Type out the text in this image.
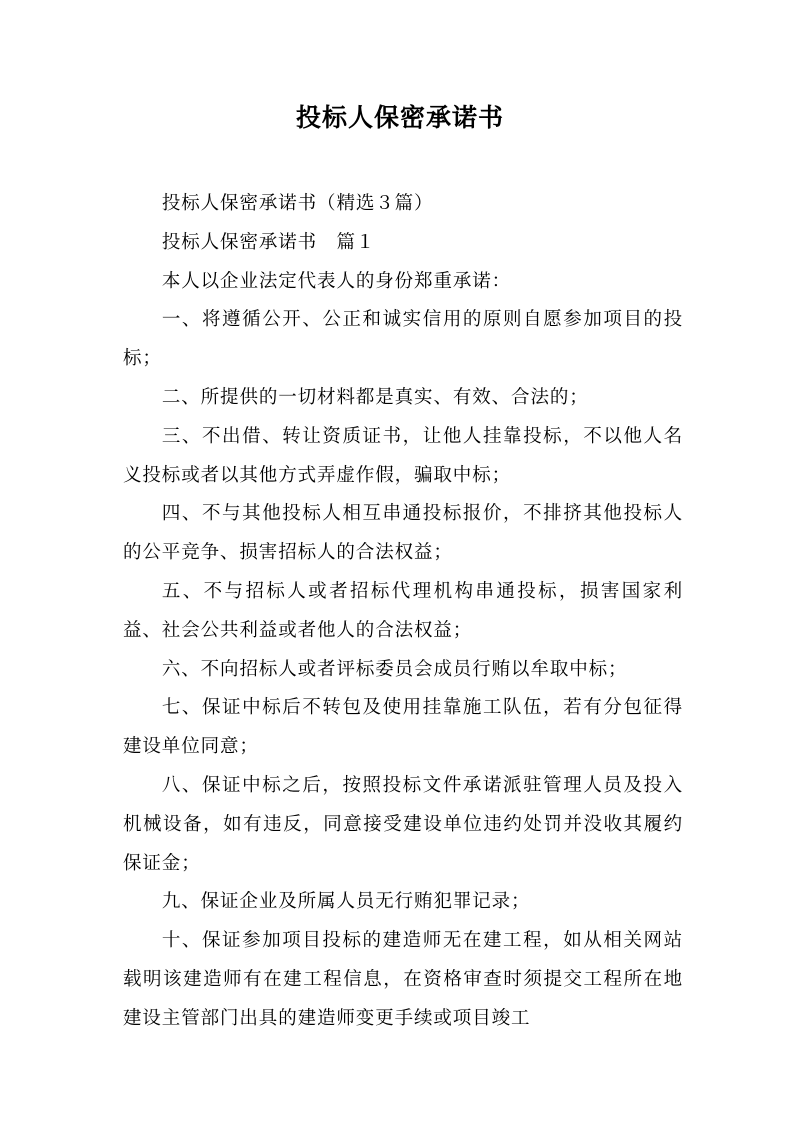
投标人保密承诺书

投标人保密承诺书（精选３篇）

投标人保密承诺书　篇１

本人以企业法定代表人的身份郑重承诺：

一、将遵循公开、公正和诚实信用的原则自愿参加项目的投标；

二、所提供的一切材料都是真实、有效、合法的；

三、不出借、转让资质证书，让他人挂靠投标，不以他人名义投标或者以其他方式弄虚作假，骗取中标；

四、不与其他投标人相互串通投标报价，不排挤其他投标人的公平竞争、损害招标人的合法权益；

五、不与招标人或者招标代理机构串通投标，损害国家利益、社会公共利益或者他人的合法权益；

六、不向招标人或者评标委员会成员行贿以牟取中标；

七、保证中标后不转包及使用挂靠施工队伍，若有分包征得建设单位同意；

八、保证中标之后，按照投标文件承诺派驻管理人员及投入机械设备，如有违反，同意接受建设单位违约处罚并没收其履约保证金；

九、保证企业及所属人员无行贿犯罪记录；

十、保证参加项目投标的建造师无在建工程，如从相关网站载明该建造师有在建工程信息，在资格审查时须提交工程所在地建设主管部门出具的建造师变更手续或项目竣工
